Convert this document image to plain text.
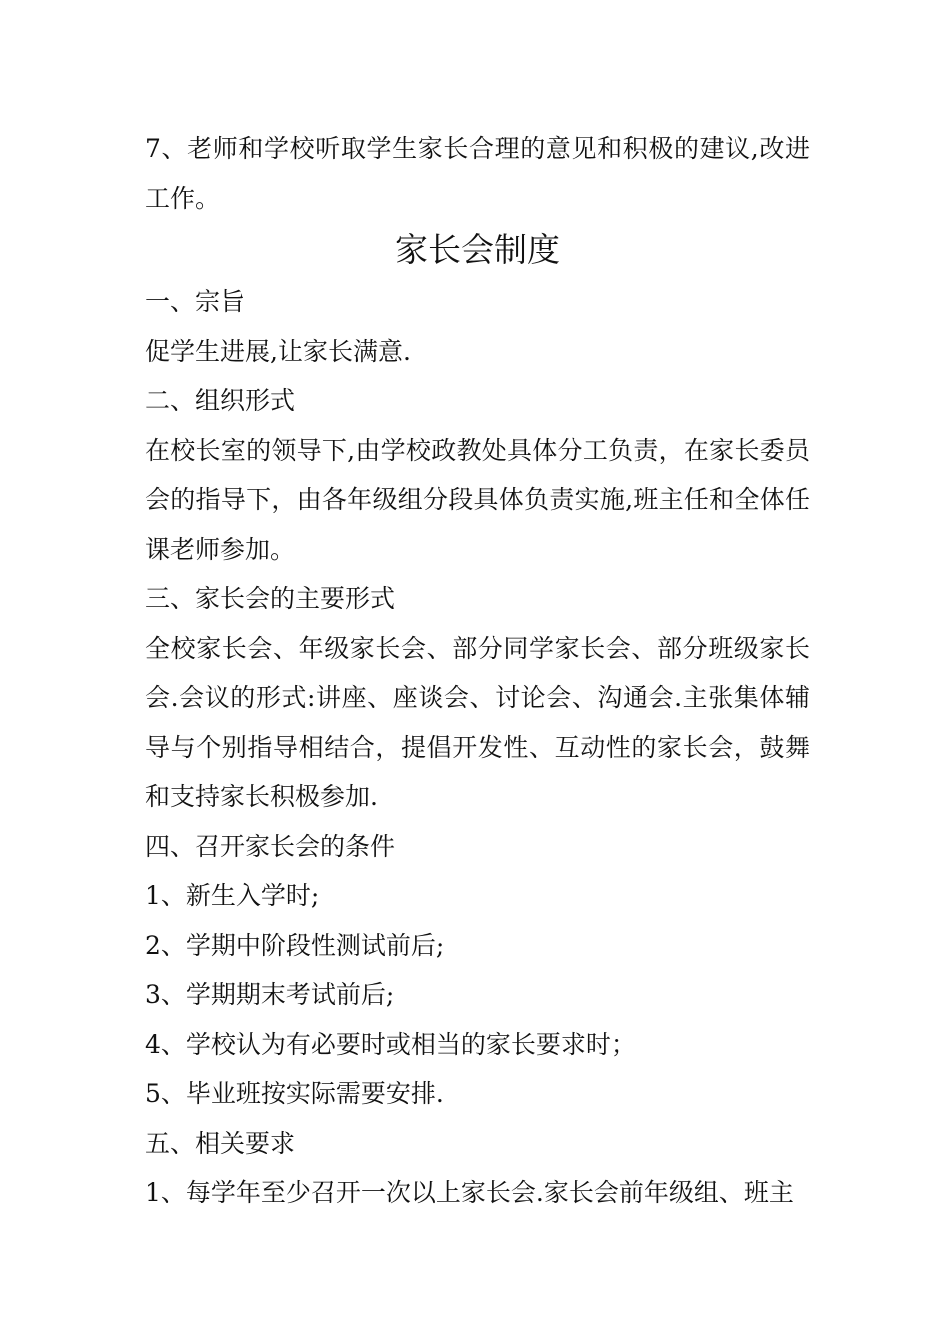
7、老师和学校听取学生家长合理的意见和积极的建议,改进工作。

家长会制度

一、宗旨

促学生进展,让家长满意.

二、组织形式

在校长室的领导下,由学校政教处具体分工负责，在家长委员会的指导下，由各年级组分段具体负责实施,班主任和全体任课老师参加。

三、家长会的主要形式

全校家长会、年级家长会、部分同学家长会、部分班级家长会.会议的形式:讲座、座谈会、讨论会、沟通会.主张集体辅导与个别指导相结合，提倡开发性、互动性的家长会，鼓舞和支持家长积极参加.

四、召开家长会的条件

1、新生入学时;

2、学期中阶段性测试前后;

3、学期期末考试前后;

4、学校认为有必要时或相当的家长要求时；

5、毕业班按实际需要安排.

五、相关要求

1、每学年至少召开一次以上家长会.家长会前年级组、班主
